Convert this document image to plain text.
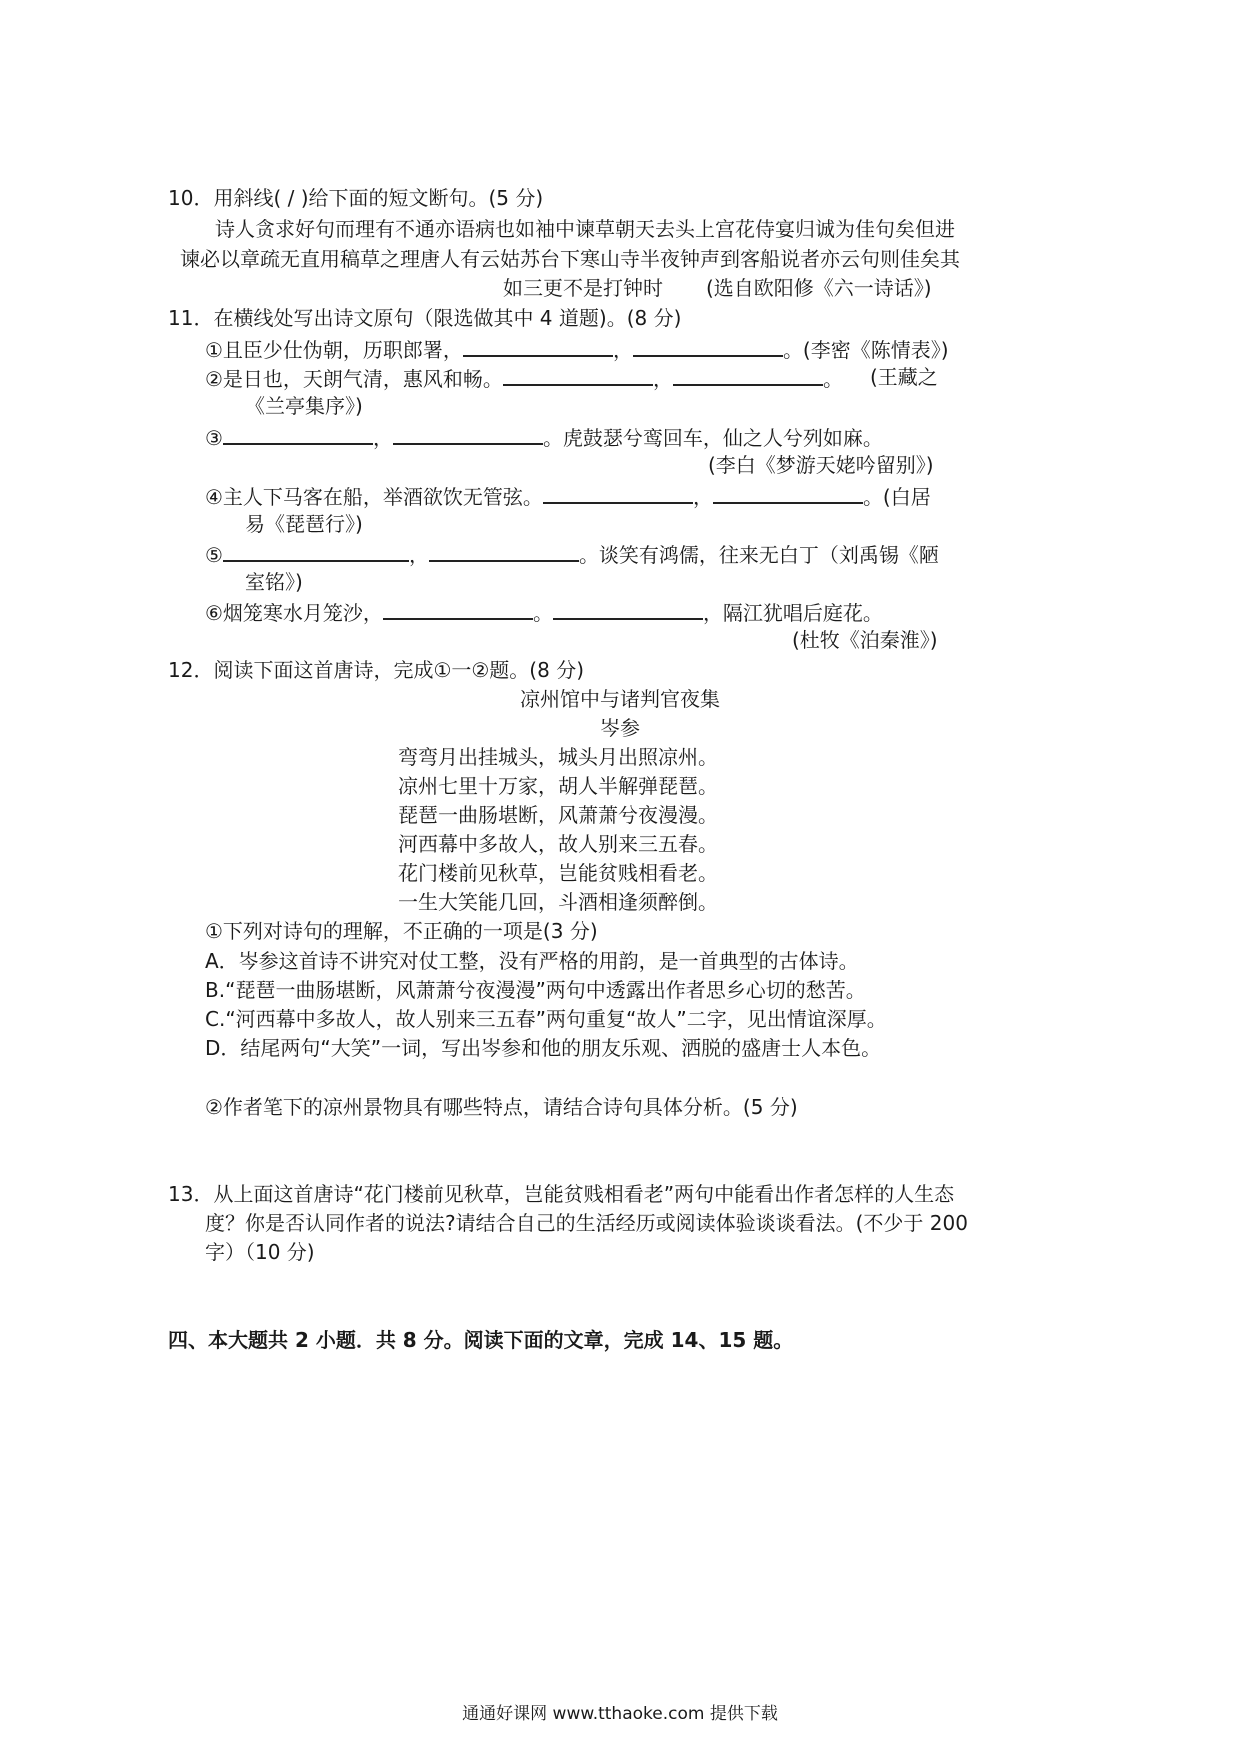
10．用斜线( / )给下面的短文断句。(5 分)
诗人贪求好句而理有不通亦语病也如袖中谏草朝天去头上宫花侍宴归诚为佳句矣但进
谏必以章疏无直用稿草之理唐人有云姑苏台下寒山寺半夜钟声到客船说者亦云句则佳矣其
如三更不是打钟时 (选自欧阳修《六一诗话》)
11．在横线处写出诗文原句（限选做其中 4 道题)。(8 分)
①且臣少仕伪朝，历职郎署，	，	。(李密《陈情表》)
②是日也，天朗气清，惠风和畅。	，	。 (王藏之
《兰亭集序》)
③	，	。虎鼓瑟兮鸾回车，仙之人兮列如麻。
(李白《梦游天姥吟留别》)
④主人下马客在船，举酒欲饮无管弦。	，	。(白居
易《琵琶行》)
⑤	，	。谈笑有鸿儒，往来无白丁（刘禹锡《陋
室铭》)
⑥烟笼寒水月笼沙，	。	，隔江犹唱后庭花。
(杜牧《泊秦淮》)
12．阅读下面这首唐诗，完成①一②题。(8 分)
凉州馆中与诸判官夜集
岑参
弯弯月出挂城头，城头月出照凉州。
凉州七里十万家，胡人半解弹琵琶。
琵琶一曲肠堪断，风萧萧兮夜漫漫。
河西幕中多故人，故人别来三五春。
花门楼前见秋草，岂能贫贱相看老。
一生大笑能几回，斗酒相逢须醉倒。
①下列对诗句的理解，不正确的一项是(3 分)
A．岑参这首诗不讲究对仗工整，没有严格的用韵，是一首典型的古体诗。
B.“琵琶一曲肠堪断，风萧萧兮夜漫漫”两句中透露出作者思乡心切的愁苦。
C.“河西幕中多故人，故人别来三五春”两句重复“故人”二字，见出情谊深厚。
D．结尾两句“大笑”一词，写出岑参和他的朋友乐观、洒脱的盛唐士人本色。
②作者笔下的凉州景物具有哪些特点，请结合诗句具体分析。(5 分)
13．从上面这首唐诗“花门楼前见秋草，岂能贫贱相看老”两句中能看出作者怎样的人生态
度？你是否认同作者的说法?请结合自己的生活经历或阅读体验谈谈看法。(不少于 200
字）（10 分)
四、本大题共 2 小题．共 8 分。阅读下面的文章，完成 14、15 题。
通通好课网 www.tthaoke.com 提供下载
